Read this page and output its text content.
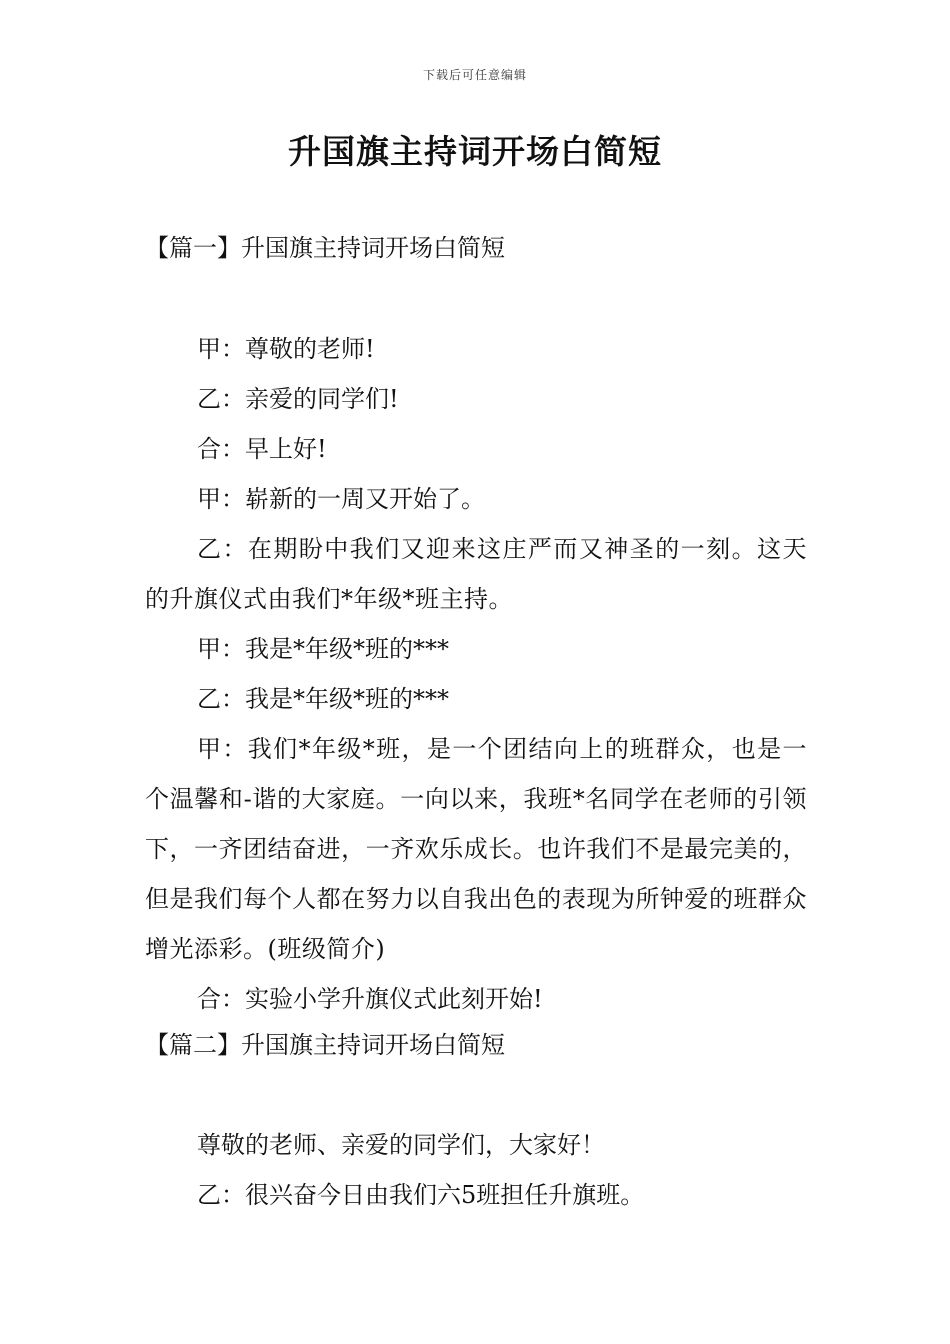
下载后可任意编辑
升国旗主持词开场白简短
【篇一】升国旗主持词开场白简短
甲：尊敬的老师!
乙：亲爱的同学们!
合：早上好!
甲：崭新的一周又开始了。
乙：在期盼中我们又迎来这庄严而又神圣的一刻。这天的升旗仪式由我们*年级*班主持。
甲：我是*年级*班的***
乙：我是*年级*班的***
甲：我们*年级*班，是一个团结向上的班群众，也是一个温馨和-谐的大家庭。一向以来，我班*名同学在老师的引领下，一齐团结奋进，一齐欢乐成长。也许我们不是最完美的，但是我们每个人都在努力以自我出色的表现为所钟爱的班群众增光添彩。(班级简介)
合：实验小学升旗仪式此刻开始!
【篇二】升国旗主持词开场白简短
尊敬的老师、亲爱的同学们，大家好！
乙：很兴奋今日由我们六5班担任升旗班。
